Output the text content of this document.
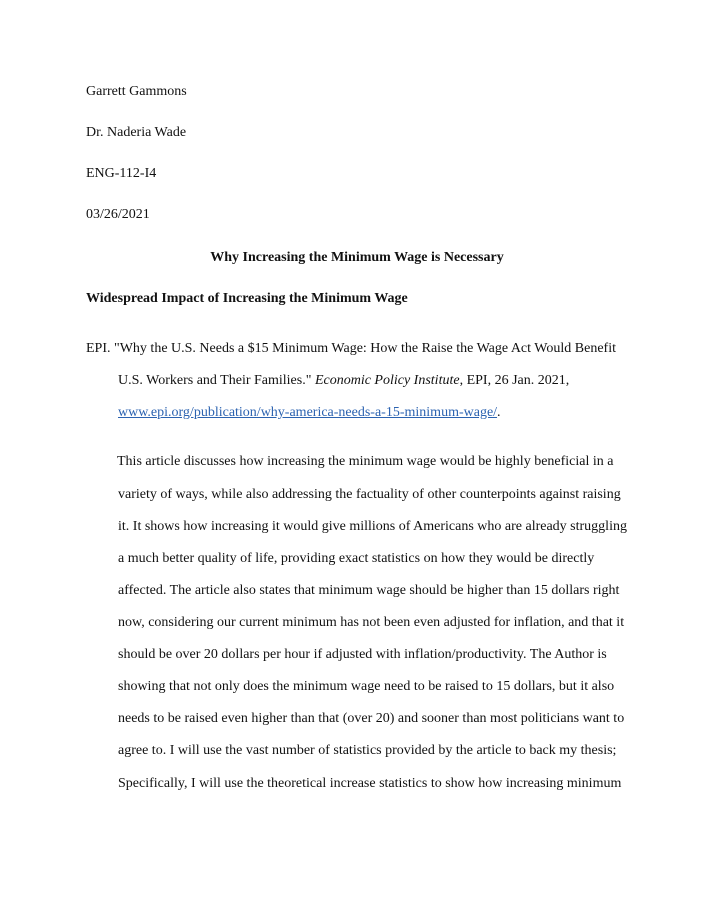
Garrett Gammons
Dr. Naderia Wade
ENG-112-I4
03/26/2021
Why Increasing the Minimum Wage is Necessary
Widespread Impact of Increasing the Minimum Wage
EPI. "Why the U.S. Needs a $15 Minimum Wage: How the Raise the Wage Act Would Benefit
U.S. Workers and Their Families." Economic Policy Institute, EPI, 26 Jan. 2021,
www.epi.org/publication/why-america-needs-a-15-minimum-wage/.
This article discusses how increasing the minimum wage would be highly beneficial in a
variety of ways, while also addressing the factuality of other counterpoints against raising
it. It shows how increasing it would give millions of Americans who are already struggling
a much better quality of life, providing exact statistics on how they would be directly
affected. The article also states that minimum wage should be higher than 15 dollars right
now, considering our current minimum has not been even adjusted for inflation, and that it
should be over 20 dollars per hour if adjusted with inflation/productivity. The Author is
showing that not only does the minimum wage need to be raised to 15 dollars, but it also
needs to be raised even higher than that (over 20) and sooner than most politicians want to
agree to. I will use the vast number of statistics provided by the article to back my thesis;
Specifically, I will use the theoretical increase statistics to show how increasing minimum
